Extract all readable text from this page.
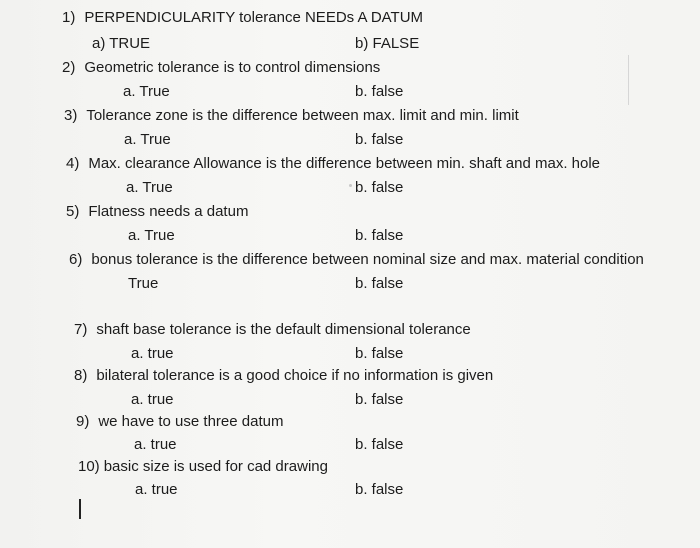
1) PERPENDICULARITY tolerance NEEDs A DATUM
a) TRUE	b) FALSE
2) Geometric tolerance is to control dimensions
a. True	b. false
3) Tolerance zone is the difference between max. limit and min. limit
a. True	b. false
4) Max. clearance Allowance is the difference between min. shaft and max. hole
a. True	b. false
5) Flatness needs a datum
a. True	b. false
6) bonus tolerance is the difference between nominal size and max. material condition
True	b. false
7) shaft base tolerance is the default dimensional tolerance
a. true	b. false
8) bilateral tolerance is a good choice if no information is given
a. true	b. false
9) we have to use three datum
a. true	b. false
10) basic size is used for cad drawing
a. true	b. false
